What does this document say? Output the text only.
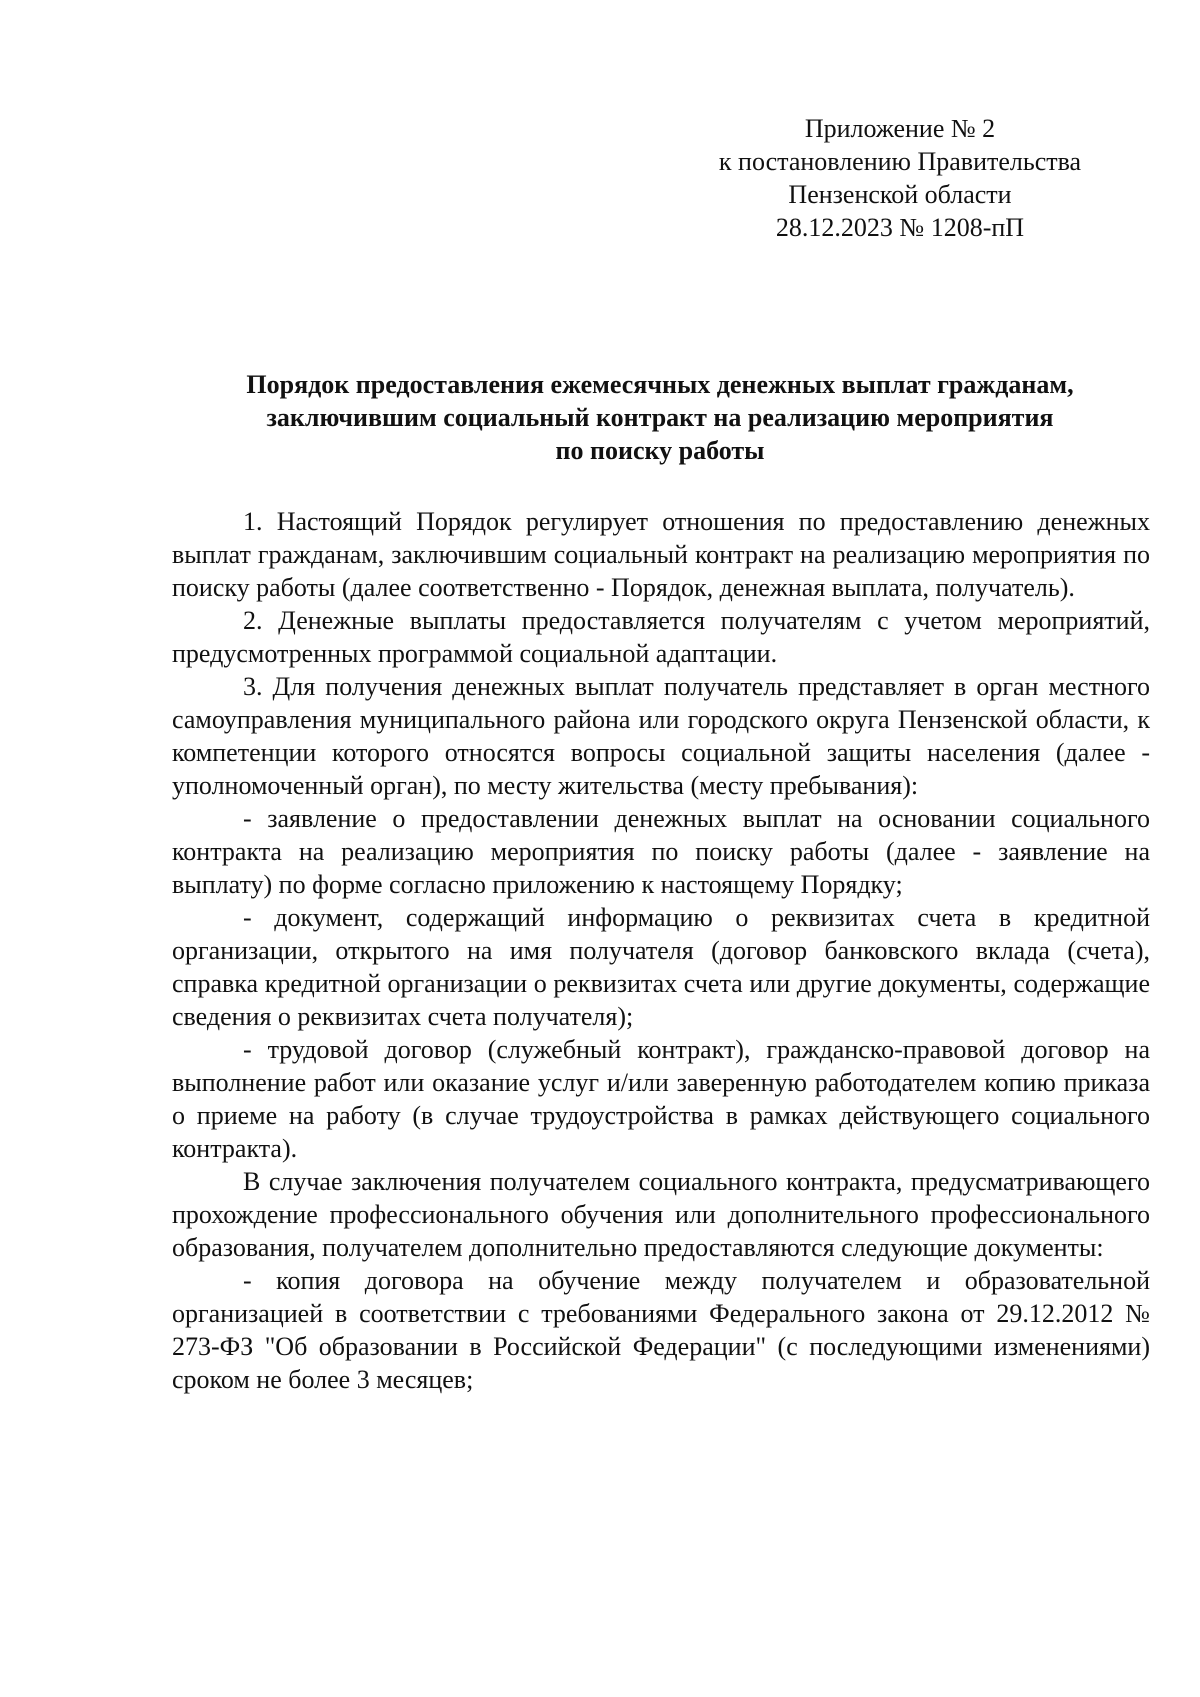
Приложение № 2
к постановлению Правительства
Пензенской области
28.12.2023 № 1208-пП
Порядок предоставления ежемесячных денежных выплат гражданам,
заключившим социальный контракт на реализацию мероприятия
по поиску работы

1. Настоящий Порядок регулирует отношения по предоставлению денежных выплат гражданам, заключившим социальный контракт на реализацию мероприятия по поиску работы (далее соответственно - Порядок, денежная выплата, получатель).

2. Денежные выплаты предоставляется получателям с учетом мероприятий, предусмотренных программой социальной адаптации.

3. Для получения денежных выплат получатель представляет в орган местного самоуправления муниципального района или городского округа Пензенской области, к компетенции которого относятся вопросы социальной защиты населения (далее - уполномоченный орган), по месту жительства (месту пребывания):

- заявление о предоставлении денежных выплат на основании социального контракта на реализацию мероприятия по поиску работы (далее - заявление на выплату) по форме согласно приложению к настоящему Порядку;

- документ, содержащий информацию о реквизитах счета в кредитной организации, открытого на имя получателя (договор банковского вклада (счета), справка кредитной организации о реквизитах счета или другие документы, содержащие сведения о реквизитах счета получателя);

- трудовой договор (служебный контракт), гражданско-правовой договор на выполнение работ или оказание услуг и/или заверенную работодателем копию приказа о приеме на работу (в случае трудоустройства в рамках действующего социального контракта).

В случае заключения получателем социального контракта, предусматривающего прохождение профессионального обучения или дополнительного профессионального образования, получателем дополнительно предоставляются следующие документы:

- копия договора на обучение между получателем и образовательной организацией в соответствии с требованиями Федерального закона от 29.12.2012 № 273-ФЗ "Об образовании в Российской Федерации" (с последующими изменениями) сроком не более 3 месяцев;
